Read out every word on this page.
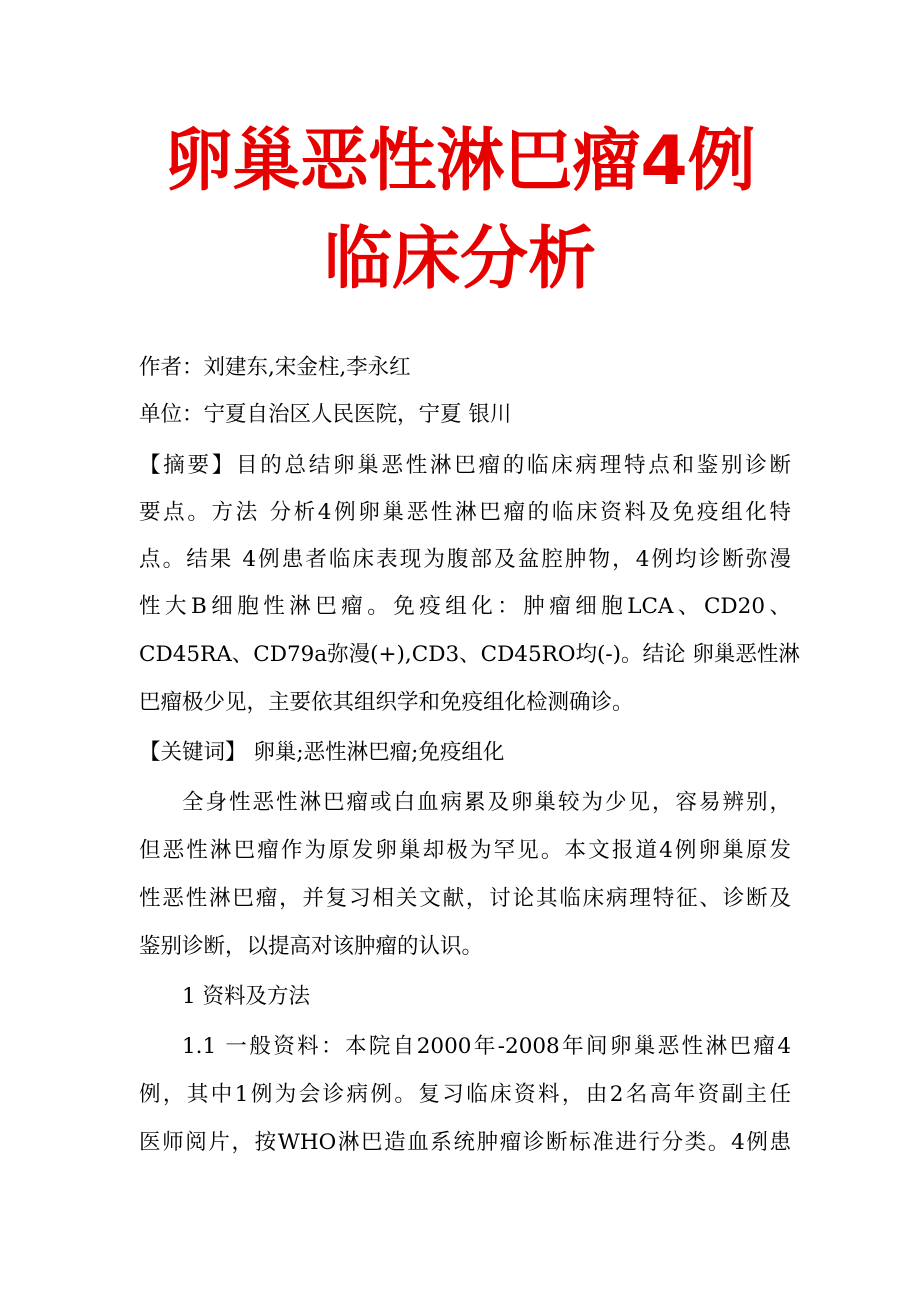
卵巢恶性淋巴瘤4例
临床分析
作者：刘建东,宋金柱,李永红
单位：宁夏自治区人民医院，宁夏 银川
【摘要】目的总结卵巢恶性淋巴瘤的临床病理特点和鉴别诊断
要点。方法 分析4例卵巢恶性淋巴瘤的临床资料及免疫组化特
点。结果 4例患者临床表现为腹部及盆腔肿物，4例均诊断弥漫
性大B细胞性淋巴瘤。免疫组化：肿瘤细胞LCA、CD20、
CD45RA、CD79a弥漫(+),CD3、CD45RO均(-)。结论 卵巢恶性淋
巴瘤极少见，主要依其组织学和免疫组化检测确诊。
【关键词】 卵巢;恶性淋巴瘤;免疫组化
全身性恶性淋巴瘤或白血病累及卵巢较为少见，容易辨别，
但恶性淋巴瘤作为原发卵巢却极为罕见。本文报道4例卵巢原发
性恶性淋巴瘤，并复习相关文献，讨论其临床病理特征、诊断及
鉴别诊断，以提高对该肿瘤的认识。
1 资料及方法
1.1 一般资料：本院自2000年-2008年间卵巢恶性淋巴瘤4
例，其中1例为会诊病例。复习临床资料，由2名高年资副主任
医师阅片，按WHO淋巴造血系统肿瘤诊断标准进行分类。4例患
